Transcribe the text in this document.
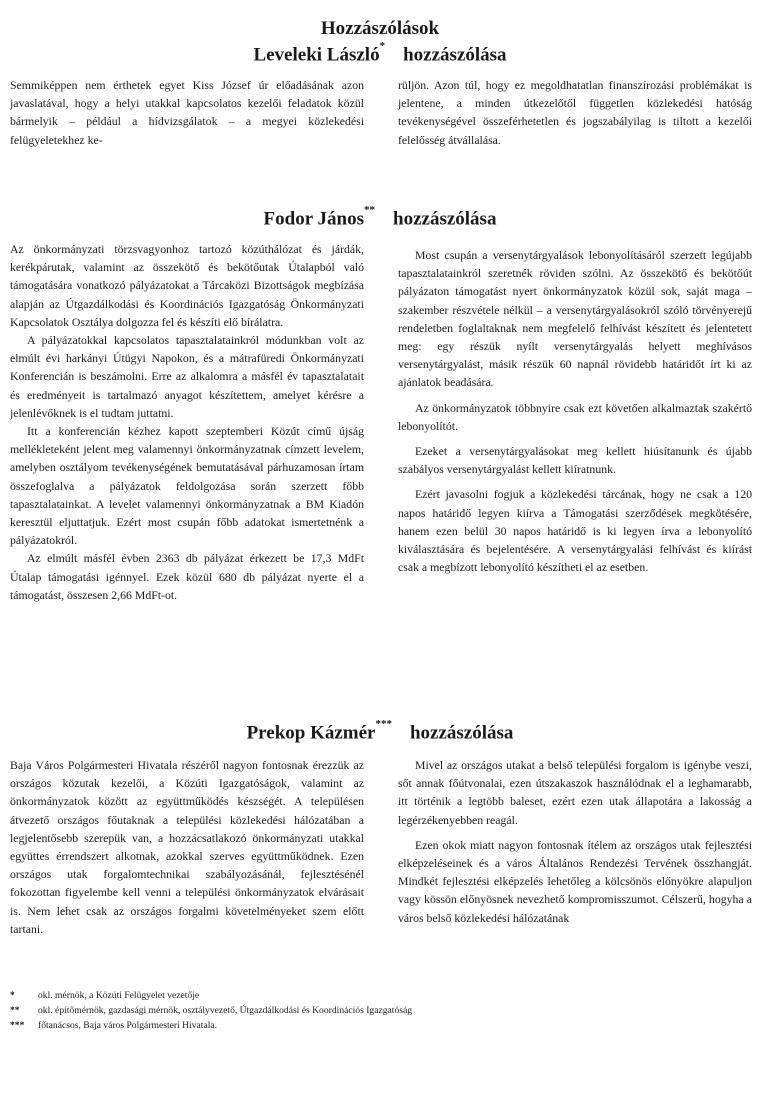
Hozzászólások
Leveleki László* hozzászólása

Semmiképpen nem érthetek egyet Kiss József úr előadásának azon javaslatával, hogy a helyi utakkal kapcsolatos kezelői feladatok közül bármelyik – például a hídvizsgálatok – a megyei közlekedési felügyeletekhez ke-

rüljön. Azon túl, hogy ez megoldhatatlan finanszírozási problémákat is jelentene, a minden útkezelőtől független közlekedési hatóság tevékenységével összeférhetetlen és jogszabályilag is tiltott a kezelői felelősség átvállalása.

Fodor János** hozzászólása

Az önkormányzati törzsvagyonhoz tartozó közúthálózat és járdák, kerékpárutak, valamint az összekötő és bekötőutak Útalapból való támogatására vonatkozó pályázatokat a Tárcaközi Bizottságok megbízása alapján az Útgazdálkodási és Koordinációs Igazgatóság Önkormányzati Kapcsolatok Osztálya dolgozza fel és készíti elő bírálatra.

A pályázatokkal kapcsolatos tapasztalatainkról módunkban volt az elmúlt évi harkányi Útügyi Napokon, és a mátrafüredi Önkormányzati Konferencián is beszámolni. Erre az alkalomra a másfél év tapasztalatait és eredményeit is tartalmazó anyagot készítettem, amelyet kérésre a jelenlévőknek is el tudtam juttatni.

Itt a konferencián kézhez kapott szeptemberi Közút című újság mellékleteként jelent meg valamennyi önkormányzatnak címzett levelem, amelyben osztályom tevékenységének bemutatásával párhuzamosan írtam összefoglalva a pályázatok feldolgozása során szerzett főbb tapasztalatainkat. A levelet valamennyi önkormányzatnak a BM Kiadón keresztül eljuttatjuk. Ezért most csupán főbb adatokat ismertetnénk a pályázatokról.

Az elmúlt másfél évben 2363 db pályázat érkezett be 17,3 MdFt Útalap támogatási igénnyel. Ezek közül 680 db pályázat nyerte el a támogatást, összesen 2,66 MdFt-ot.

Most csupán a versenytárgyalások lebonyolításáról szerzett legújabb tapasztalatainkról szeretnék röviden szólni. Az összekötő és bekötőút pályázaton támogatást nyert önkormányzatok közül sok, saját maga – szakember részvétele nélkül – a versenytárgyalásokról szóló törvényerejű rendeletben foglaltaknak nem megfelelő felhívást készített és jelentetett meg: egy részük nyílt versenytárgyalás helyett meghívásos versenytárgyalást, másik részük 60 napnál rövidebb határidőt írt ki az ajánlatok beadására.

Az önkormányzatok többnyire csak ezt követően alkalmaztak szakértő lebonyolítót.

Ezeket a versenytárgyalásokat meg kellett hiúsítanunk és újabb szabályos versenytárgyalást kellett kiíratnunk.

Ezért javasolni fogjuk a közlekedési tárcának, hogy ne csak a 120 napos határidő legyen kiírva a Támogatási szerződések megkötésére, hanem ezen belül 30 napos határidő is ki legyen írva a lebonyolító kiválasztására és bejelentésére. A versenytárgyalási felhívást és kiírást csak a megbízott lebonyolító készítheti el az esetben.

Prekop Kázmér*** hozzászólása

Baja Város Polgármesteri Hivatala részéről nagyon fontosnak érezzük az országos közutak kezelői, a Közúti Igazgatóságok, valamint az önkormányzatok között az együttműködés készségét. A településen átvezető országos főutaknak a települési közlekedési hálózatában a legjelentősebb szerepük van, a hozzácsatlakozó önkormányzati utakkal együttes érrendszert alkotnak, azokkal szerves együttműködnek. Ezen országos utak forgalomtechnikai szabályozásánál, fejlesztésénél fokozottan figyelembe kell venni a települési önkormányzatok elvárásait is. Nem lehet csak az országos forgalmi követelményeket szem előtt tartani.

Mivel az országos utakat a belső települési forgalom is igénybe veszi, sőt annak főútvonalai, ezen útszakaszok használódnak el a leghamarabb, itt történik a legtöbb baleset, ezért ezen utak állapotára a lakosság a legérzékenyebben reagál.

Ezen okok miatt nagyon fontosnak ítélem az országos utak fejlesztési elképzeléseinek és a város Általános Rendezési Tervének összhangját. Mindkét fejlesztési elképzelés lehetőleg a kölcsönös előnyökre alapuljon vagy kössön előnyösnek nevezhető kompromisszumot. Célszerű, hogyha a város belső közlekedési hálózatának

*	okl. mérnök, a Közúti Felügyelet vezetője
**	okl. építőmérnök, gazdasági mérnök, osztályvezető, Útgazdálkodási és Koordinációs Igazgatóság
***	főtanácsos, Baja város Polgármesteri Hivatala.
